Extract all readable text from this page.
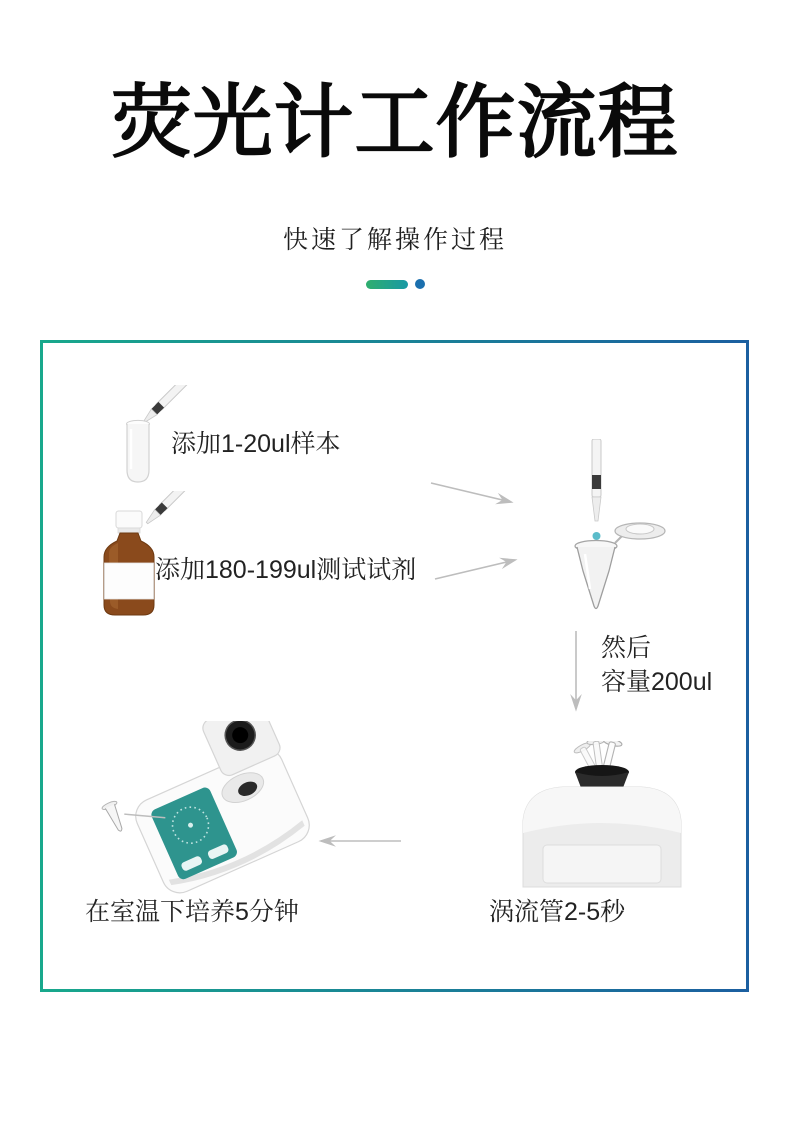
荧光计工作流程
快速了解操作过程
添加1-20ul样本
添加180-199ul测试试剂
然后
容量200ul
涡流管2-5秒
在室温下培养5分钟
